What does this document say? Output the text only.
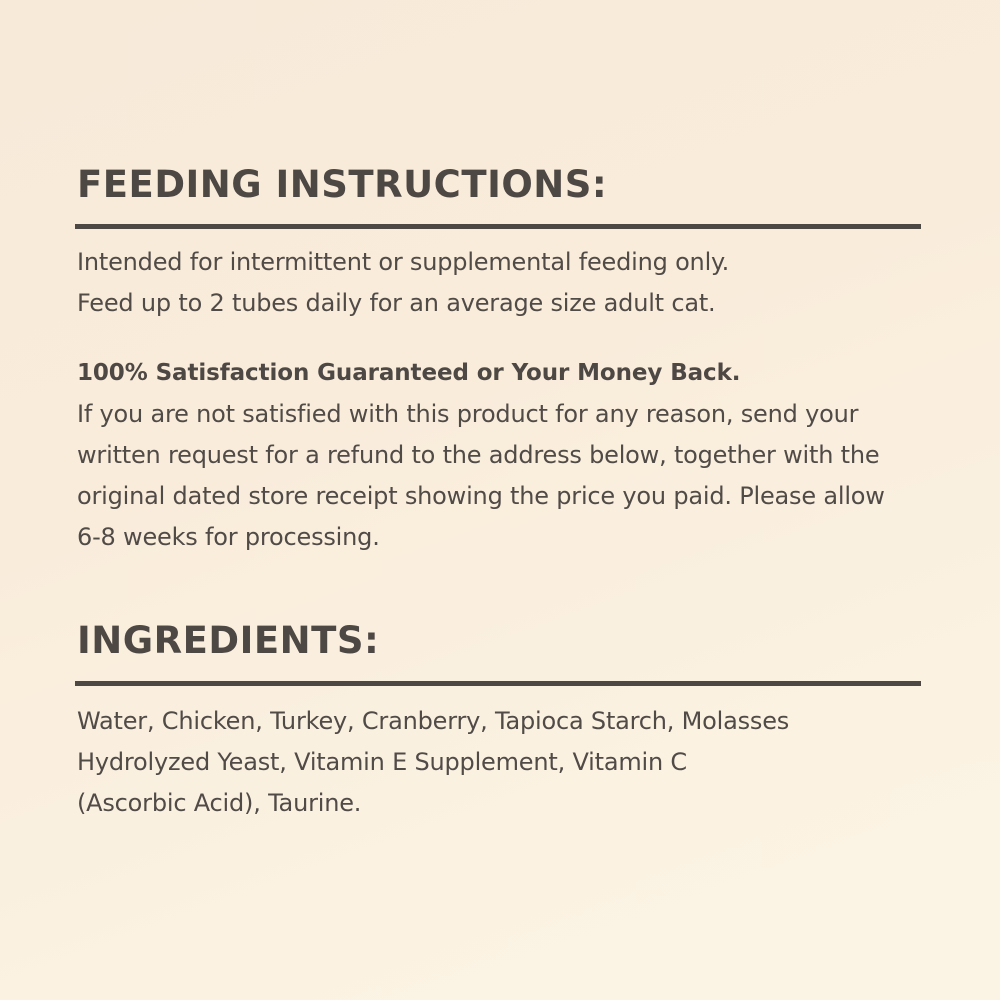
FEEDING INSTRUCTIONS:
Intended for intermittent or supplemental feeding only.
Feed up to 2 tubes daily for an average size adult cat.
100% Satisfaction Guaranteed or Your Money Back.
If you are not satisfied with this product for any reason, send your
written request for a refund to the address below, together with the
original dated store receipt showing the price you paid. Please allow
6-8 weeks for processing.
INGREDIENTS:
Water, Chicken, Turkey, Cranberry, Tapioca Starch, Molasses
Hydrolyzed Yeast, Vitamin E Supplement, Vitamin C
(Ascorbic Acid), Taurine.
